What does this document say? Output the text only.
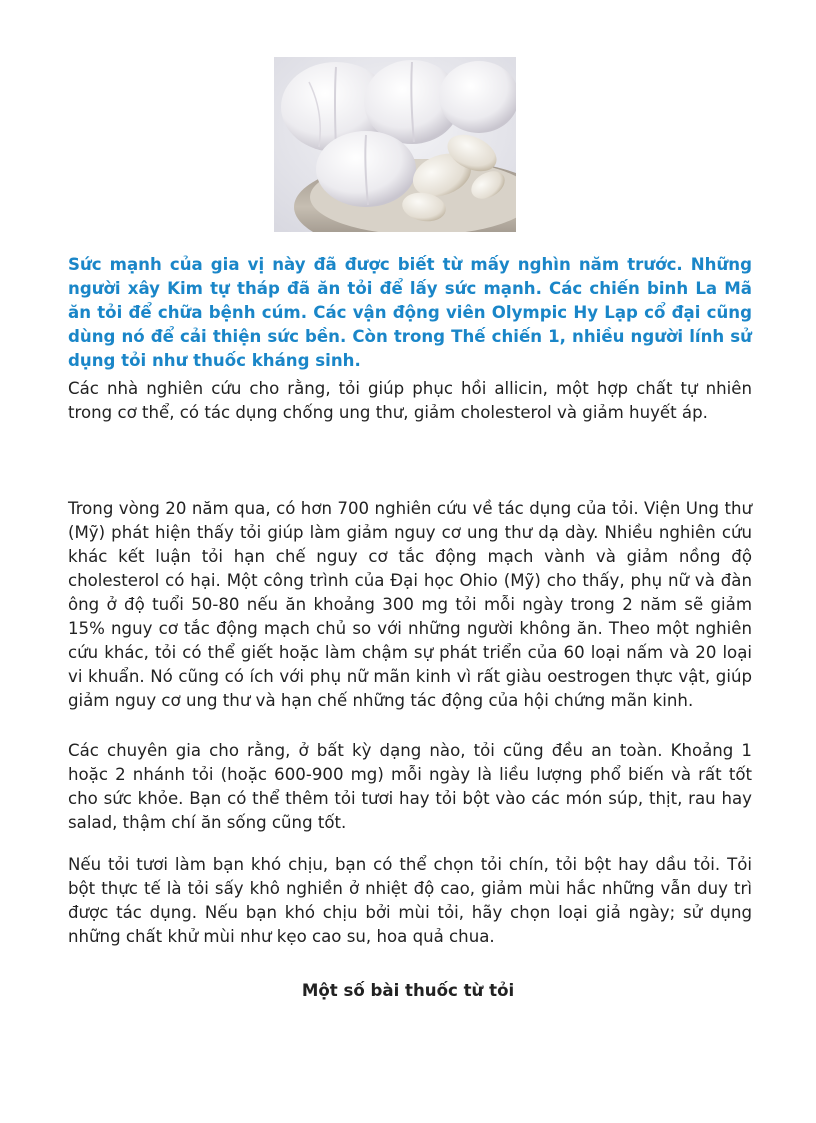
Sức mạnh của gia vị này đã được biết từ mấy nghìn năm trước. Những người xây Kim tự tháp đã ăn tỏi để lấy sức mạnh. Các chiến binh La Mã ăn tỏi để chữa bệnh cúm. Các vận động viên Olympic Hy Lạp cổ đại cũng dùng nó để cải thiện sức bền. Còn trong Thế chiến 1, nhiều người lính sử dụng tỏi như thuốc kháng sinh.

Các nhà nghiên cứu cho rằng, tỏi giúp phục hồi allicin, một hợp chất tự nhiên trong cơ thể, có tác dụng chống ung thư, giảm cholesterol và giảm huyết áp.

Trong vòng 20 năm qua, có hơn 700 nghiên cứu về tác dụng của tỏi. Viện Ung thư (Mỹ) phát hiện thấy tỏi giúp làm giảm nguy cơ ung thư dạ dày. Nhiều nghiên cứu khác kết luận tỏi hạn chế nguy cơ tắc động mạch vành và giảm nồng độ cholesterol có hại. Một công trình của Đại học Ohio (Mỹ) cho thấy, phụ nữ và đàn ông ở độ tuổi 50-80 nếu ăn khoảng 300 mg tỏi mỗi ngày trong 2 năm sẽ giảm 15% nguy cơ tắc động mạch chủ so với những người không ăn. Theo một nghiên cứu khác, tỏi có thể giết hoặc làm chậm sự phát triển của 60 loại nấm và 20 loại vi khuẩn. Nó cũng có ích với phụ nữ mãn kinh vì rất giàu oestrogen thực vật, giúp giảm nguy cơ ung thư và hạn chế những tác động của hội chứng mãn kinh.

Các chuyên gia cho rằng, ở bất kỳ dạng nào, tỏi cũng đều an toàn. Khoảng 1 hoặc 2 nhánh tỏi (hoặc 600-900 mg) mỗi ngày là liều lượng phổ biến và rất tốt cho sức khỏe. Bạn có thể thêm tỏi tươi hay tỏi bột vào các món súp, thịt, rau hay salad, thậm chí ăn sống cũng tốt.

Nếu tỏi tươi làm bạn khó chịu, bạn có thể chọn tỏi chín, tỏi bột hay dầu tỏi. Tỏi bột thực tế là tỏi sấy khô nghiền ở nhiệt độ cao, giảm mùi hắc những vẫn duy trì được tác dụng. Nếu bạn khó chịu bởi mùi tỏi, hãy chọn loại giả ngày; sử dụng những chất khử mùi như kẹo cao su, hoa quả chua.

Một số bài thuốc từ tỏi
